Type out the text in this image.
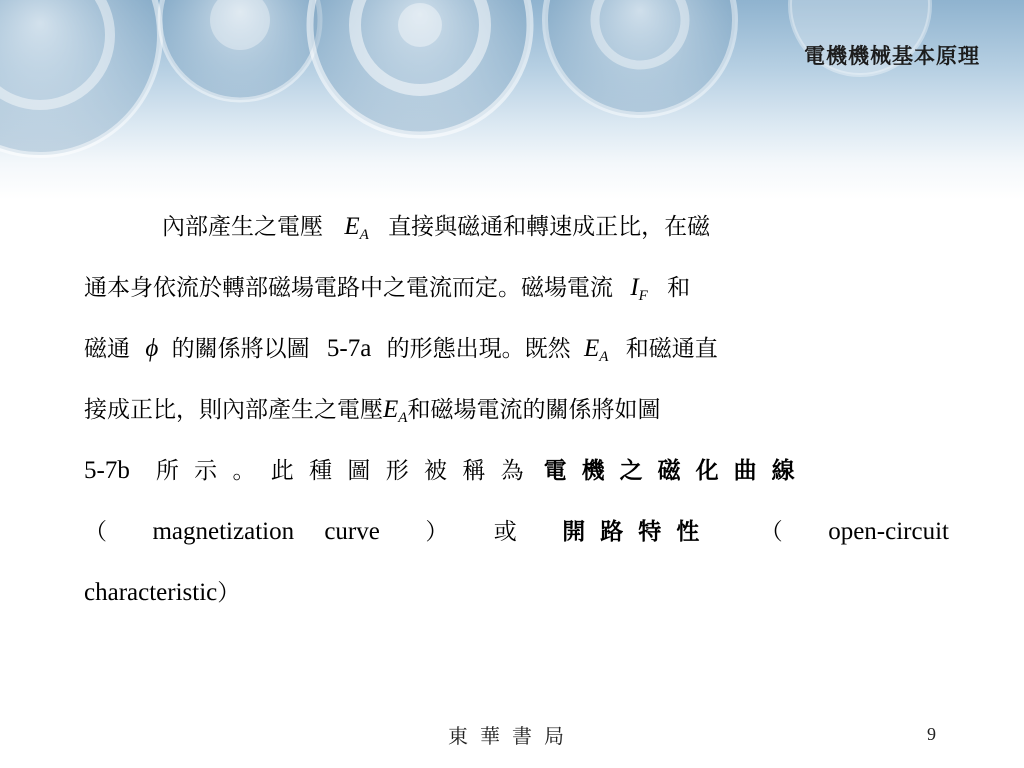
電機機械基本原理
內部產生之電壓 $E_A$ 直接與磁通和轉速成正比，在磁
通本身依流於轉部磁場電路中之電流而定。磁場電流 $I_F$ 和
磁通 ϕ 的關係將以圖 5-7a 的形態出現。既然 $E_A$ 和磁通直
接成正比，則內部產生之電壓$E_A$和磁場電流的關係將如圖
5-7b 所 示 。 此 種 圖 形 被 稱 為 電機之磁化曲線
（ magnetization curve ） 或 開路特性 （ open-circuit
characteristic）
東華書局	9
